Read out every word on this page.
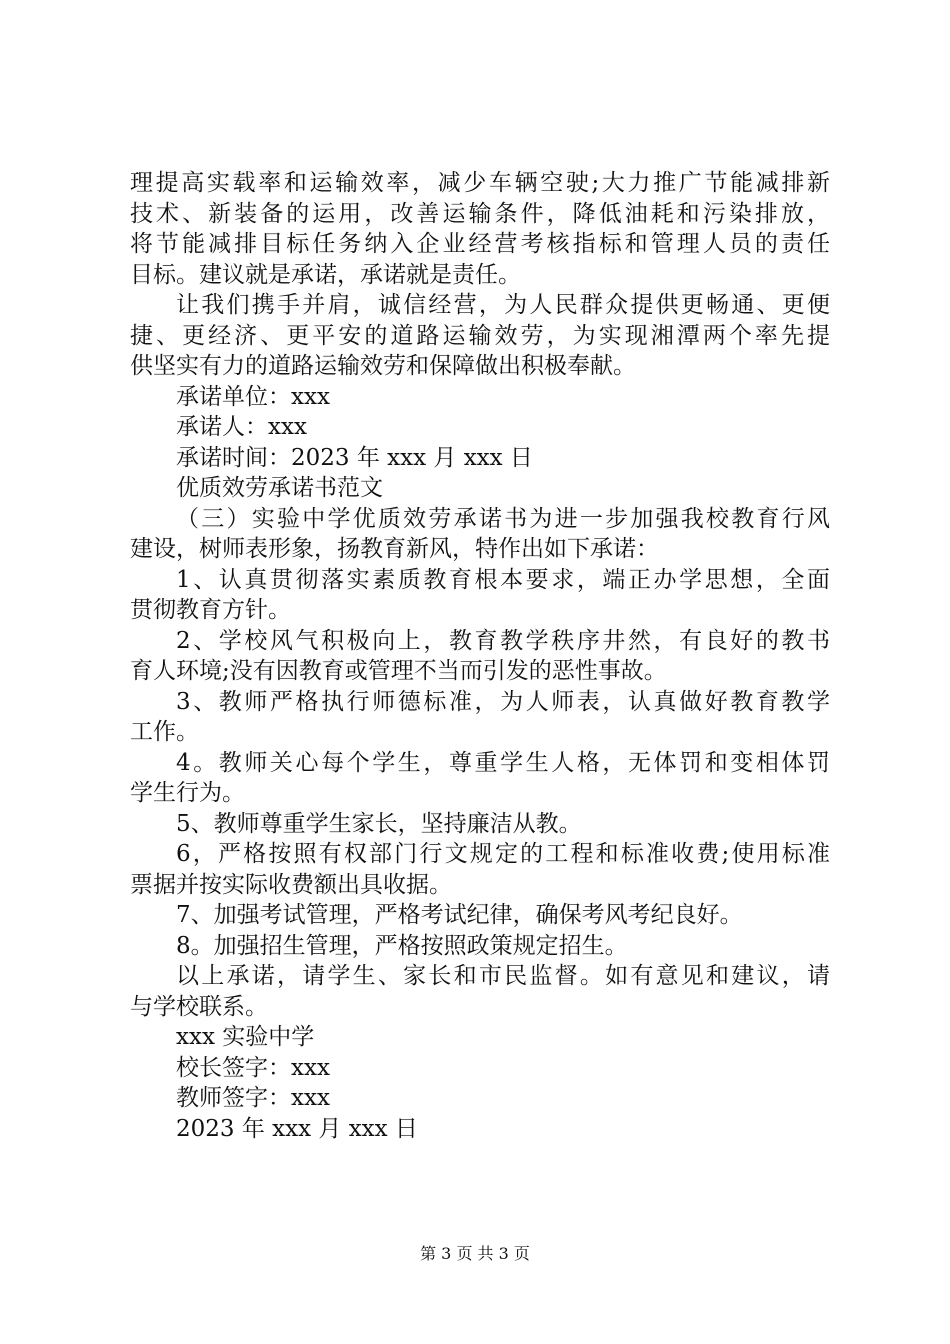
理提高实载率和运输效率，减少车辆空驶;大力推广节能减排新
技术、新装备的运用，改善运输条件，降低油耗和污染排放，
将节能减排目标任务纳入企业经营考核指标和管理人员的责任
目标。建议就是承诺，承诺就是责任。
让我们携手并肩，诚信经营，为人民群众提供更畅通、更便
捷、更经济、更平安的道路运输效劳，为实现湘潭两个率先提
供坚实有力的道路运输效劳和保障做出积极奉献。
承诺单位：xxx
承诺人：xxx
承诺时间：2023 年 xxx 月 xxx 日
优质效劳承诺书范文
（三）实验中学优质效劳承诺书为进一步加强我校教育行风
建设，树师表形象，扬教育新风，特作出如下承诺：
1、认真贯彻落实素质教育根本要求，端正办学思想，全面
贯彻教育方针。
2、学校风气积极向上，教育教学秩序井然，有良好的教书
育人环境;没有因教育或管理不当而引发的恶性事故。
3、教师严格执行师德标准，为人师表，认真做好教育教学
工作。
4。教师关心每个学生，尊重学生人格，无体罚和变相体罚
学生行为。
5、教师尊重学生家长，坚持廉洁从教。
6，严格按照有权部门行文规定的工程和标准收费;使用标准
票据并按实际收费额出具收据。
7、加强考试管理，严格考试纪律，确保考风考纪良好。
8。加强招生管理，严格按照政策规定招生。
以上承诺，请学生、家长和市民监督。如有意见和建议，请
与学校联系。
xxx 实验中学
校长签字：xxx
教师签字：xxx
2023 年 xxx 月 xxx 日
第 3 页 共 3 页
